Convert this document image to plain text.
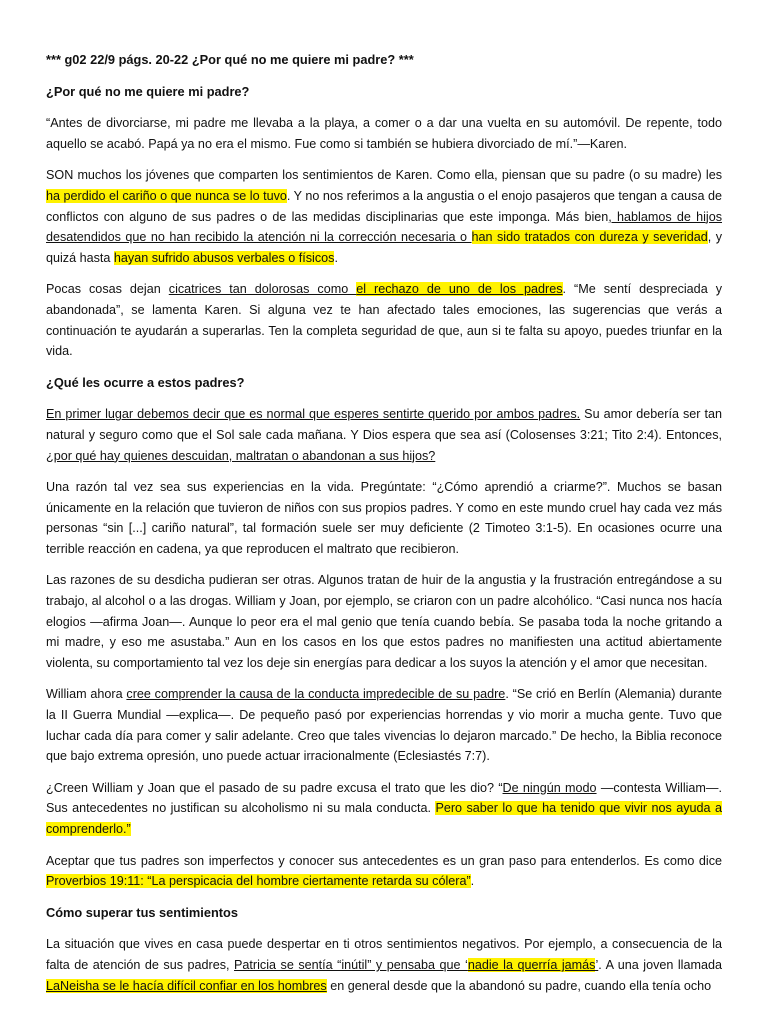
*** g02 22/9 págs. 20-22 ¿Por qué no me quiere mi padre? ***
¿Por qué no me quiere mi padre?

“Antes de divorciarse, mi padre me llevaba a la playa, a comer o a dar una vuelta en su automóvil. De repente, todo aquello se acabó. Papá ya no era el mismo. Fue como si también se hubiera divorciado de mí.”—Karen.

SON muchos los jóvenes que comparten los sentimientos de Karen. Como ella, piensan que su padre (o su madre) les ha perdido el cariño o que nunca se lo tuvo. Y no nos referimos a la angustia o el enojo pasajeros que tengan a causa de conflictos con alguno de sus padres o de las medidas disciplinarias que este imponga. Más bien, hablamos de hijos desatendidos que no han recibido la atención ni la corrección necesaria o han sido tratados con dureza y severidad, y quizá hasta hayan sufrido abusos verbales o físicos.

Pocas cosas dejan cicatrices tan dolorosas como el rechazo de uno de los padres. “Me sentí despreciada y abandonada”, se lamenta Karen. Si alguna vez te han afectado tales emociones, las sugerencias que verás a continuación te ayudarán a superarlas. Ten la completa seguridad de que, aun si te falta su apoyo, puedes triunfar en la vida.

¿Qué les ocurre a estos padres?

En primer lugar debemos decir que es normal que esperes sentirte querido por ambos padres. Su amor debería ser tan natural y seguro como que el Sol sale cada mañana. Y Dios espera que sea así (Colosenses 3:21; Tito 2:4). Entonces, ¿por qué hay quienes descuidan, maltratan o abandonan a sus hijos?

Una razón tal vez sea sus experiencias en la vida. Pregúntate: “¿Cómo aprendió a criarme?”. Muchos se basan únicamente en la relación que tuvieron de niños con sus propios padres. Y como en este mundo cruel hay cada vez más personas “sin [...] cariño natural”, tal formación suele ser muy deficiente (2 Timoteo 3:1-5). En ocasiones ocurre una terrible reacción en cadena, ya que reproducen el maltrato que recibieron.

Las razones de su desdicha pudieran ser otras. Algunos tratan de huir de la angustia y la frustración entregándose a su trabajo, al alcohol o a las drogas. William y Joan, por ejemplo, se criaron con un padre alcohólico. “Casi nunca nos hacía elogios —afirma Joan—. Aunque lo peor era el mal genio que tenía cuando bebía. Se pasaba toda la noche gritando a mi madre, y eso me asustaba.” Aun en los casos en los que estos padres no manifiesten una actitud abiertamente violenta, su comportamiento tal vez los deje sin energías para dedicar a los suyos la atención y el amor que necesitan.

William ahora cree comprender la causa de la conducta impredecible de su padre. “Se crió en Berlín (Alemania) durante la II Guerra Mundial —explica—. De pequeño pasó por experiencias horrendas y vio morir a mucha gente. Tuvo que luchar cada día para comer y salir adelante. Creo que tales vivencias lo dejaron marcado.” De hecho, la Biblia reconoce que bajo extrema opresión, uno puede actuar irracionalmente (Eclesiastés 7:7).

¿Creen William y Joan que el pasado de su padre excusa el trato que les dio? “De ningún modo —contesta William—. Sus antecedentes no justifican su alcoholismo ni su mala conducta. Pero saber lo que ha tenido que vivir nos ayuda a comprenderlo.”

Aceptar que tus padres son imperfectos y conocer sus antecedentes es un gran paso para entenderlos. Es como dice Proverbios 19:11: “La perspicacia del hombre ciertamente retarda su cólera”.

Cómo superar tus sentimientos

La situación que vives en casa puede despertar en ti otros sentimientos negativos. Por ejemplo, a consecuencia de la falta de atención de sus padres, Patricia se sentía “inútil” y pensaba que ‘nadie la querría jamás’. A una joven llamada LaNeisha se le hacía difícil confiar en los hombres en general desde que la abandonó su padre, cuando ella tenía ocho
